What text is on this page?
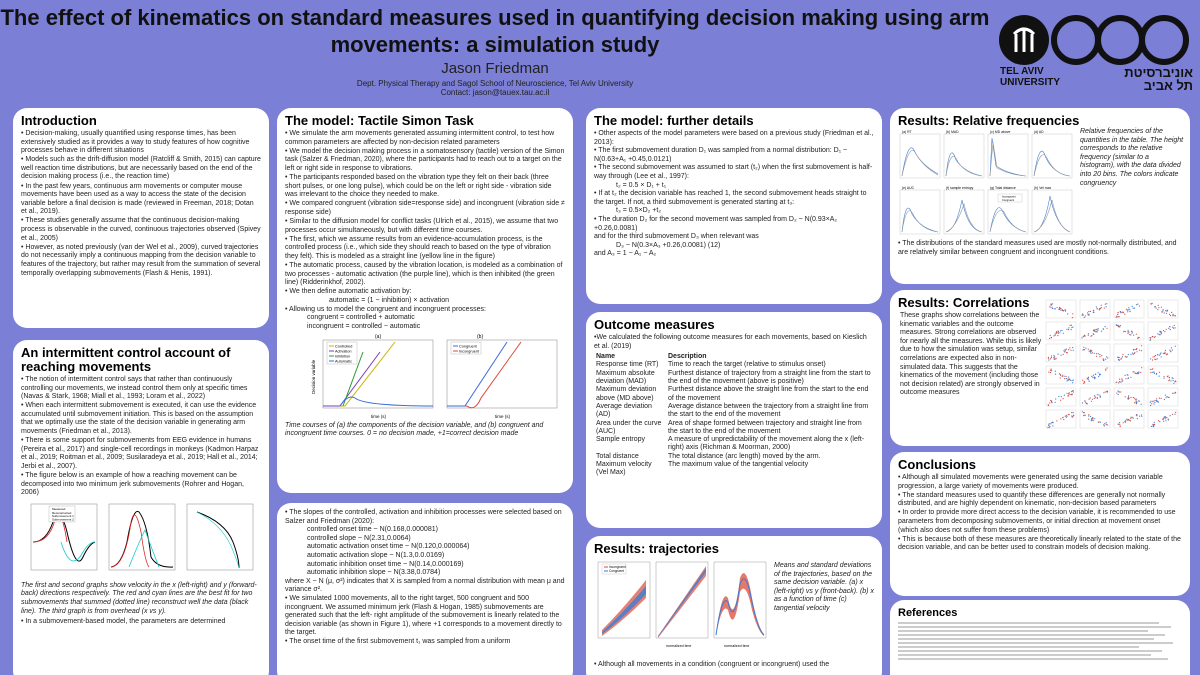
The effect of kinematics on standard measures used in quantifying decision making using arm movements: a simulation study
Jason Friedman
Dept. Physical Therapy and Sagol School of Neuroscience, Tel Aviv University
Contact: jason@tauex.tau.ac.il
TEL AVIV
UNIVERSITY
אוניברסיטת
תל אביב
Introduction
• Decision-making, usually quantified using response times, has been extensively studied as it provides a way to study features of how cognitive processes behave in different situations
• Models such as the drift-diffusion model (Ratcliff & Smith, 2015) can capture well reaction time distributions, but are necessarily based on the end of the decision making process (i.e., the reaction time)
• In the past few years, continuous arm movements or computer mouse movements have been used as a way to access the state of the decision variable before a final decision is made (reviewed in Freeman, 2018; Dotan et al., 2019).
• These studies generally assume that the continuous decision-making process is observable in the curved, continuous trajectories observed (Spivey et al., 2005)
• However, as noted previously (van der Wel et al., 2009), curved trajectories do not necessarily imply a continuous mapping from the decision variable to features of the trajectory, but rather may result from the summation of several temporally overlapping submovements (Flash & Henis, 1991).
An intermittent control account of reaching movements
• The notion of intermittent control says that rather than continuously controlling our movements, we instead control them only at specific times (Navas & Stark, 1968; Miall et al., 1993; Loram et al., 2022)
• When each intermittent submovement is executed, it can use the evidence accumulated until submovement initiation. This is based on the assumption that we optimally use the state of the decision variable in generating arm movements (Friedman et al., 2013).
• There is some support for submovements from EEG evidence in humans (Pereira et al., 2017) and single-cell recordings in monkeys (Kadmon Harpaz et al., 2019; Roitman et al., 2009; Susilaradeya et al., 2019; Hall et al., 2014; Jerbi et al., 2007).
• The figure below is an example of how a reaching movement can be decomposed into two minimum jerk submovements (Rohrer and Hogan, 2006)
Measured
Reconstructed
Submovement 1
Submovement 2

The first and second graphs show velocity in the x (left-right) and y (forward-back) directions respectively. The red and cyan lines are the best fit for two submovements that summed (dotted line) reconstruct well the data (black line). The third graph is from overhead (x vs y).

• In a submovement-based model, the parameters are determined

The model: Tactile Simon Task
• We simulate the arm movements generated assuming intermittent control, to test how common parameters are affected by non-decision related parameters
• We model the decision making process in a somatosensory (tactile) version of the Simon task (Salzer & Friedman, 2020), where the participants had to reach out to a target on the left or right side in response to vibrations.
• The participants responded based on the vibration type they felt on their back (three short pulses, or one long pulse), which could be on the left or right side - vibration side was irrelevant to the choice they needed to make.
• We compared congruent (vibration side=response side) and incongruent (vibration side ≠ response side)
• Similar to the diffusion model for conflict tasks (Ulrich et al., 2015), we assume that two processes occur simultaneously, but with different time courses.
• The first, which we assume results from an evidence-accumulation process, is the controlled process (i.e., which side they should reach to based on the type of vibration they felt). This is modeled as a straight line (yellow line in the figure)
• The automatic process, caused by the vibration location, is modeled as a combination of two processes - automatic activation (the purple line), which is then inhibited (the green line) (Ridderinkhof, 2002).
• We then define automatic activation by:

automatic = (1 − inhibition) × activation

• Allowing us to model the congruent and incongruent processes:

congruent = controlled + automatic

incongruent = controlled − automatic

(a)	(b)
Decision variable
Controlled
Activation
Inhibition
Automatic
time (s)
Congruent
Incongruent
time (s)

Time courses of (a) the components of the decision variable, and (b) congruent and incongruent time courses. 0 = no decision made, +1=correct decision made

• The slopes of the controlled, activation and inhibition processes were selected based on Salzer and Friedman (2020):

controlled onset time ~ N(0.168,0.000081)

controlled slope ~ N(2.31,0.0064)

automatic activation onset time ~ N(0.120,0.000064)

automatic activation slope ~ N(1.3,0.0.0169)

automatic inhibition onset time ~ N(0.14,0.000169)

automatic inhibition slope ~ N(3.38,0.0784)

where X ~ N (μ, σ²) indicates that X is sampled from a normal distribution with mean μ and variance σ².

• We simulated 1000 movements, all to the right target, 500 congruent and 500 incongruent. We assumed minimum jerk (Flash & Hogan, 1985) submovements are generated such that the left- right amplitude of the submovement is linearly related to the decision variable (as shown in Figure 1), where +1 corresponds to a movement directly to the target.

• The onset time of the first submovement t₁ was sampled from a uniform

The model: further details

• Other aspects of the model parameters were based on a previous study (Friedman et al., 2013):

• The first submovement duration D₁ was sampled from a normal distribution: D₁ ~ N(0.63+A₁ +0.45,0.0121)

• The second submovement was assumed to start (t₂) when the first submovement is half-way through (Lee et al., 1997):

t₂ = 0.5 × D₁ + t₁

• If at t₂ the decision variable has reached 1, the second submovement heads straight to the target. If not, a third submovement is generated starting at t₃:

t₃ = 0.5×D₂ +t₂

• The duration D₂ for the second movement was sampled from D₂ ~ N(0.93×A₂ +0.26,0.0081)

and for the third submovement D₃ when relevant was

D₃ ~ N(0.3×A₃ +0.26,0.0081) (12)

and A₃ = 1 − A₁ − A₂

Outcome measures

•We calculated the following outcome measures for each movements, based on Kieslich et al. (2019)

Name	Description
Response time (RT)	Time to reach the target (relative to stimulus onset)
Maximum absolute deviation (MAD)	Furthest distance of trajectory from a straight line from the start to the end of the movement (above is positive)
Maximum deviation above (MD above)	Furthest distance above the straight line from the start to the end of the movement
Average deviation (AD)	Average distance between the trajectory from a straight line from the start to the end of the movement
Area under the curve (AUC)	Area of shape formed between trajectory and straight line from the start to the end of the movement
Sample entropy	A measure of unpredictability of the movement along the x (left-right) axis (Richman & Moorman, 2000)
Total distance	The total distance (arc length) moved by the arm.
Maximum velocity (Vel Max)	The maximum value of the tangential velocity
Results: trajectories
Incongruent
Congruent
normalized time	normalized time

Means and standard deviations of the trajectories, based on the same decision variable. (a) x (left-right) vs y (front-back). (b) x as a function of time (c) tangential velocity

• Although all movements in a condition (congruent or incongruent) used the

Results: Relative frequencies
(a) RT	(b) MAD	(c) MD above	(d) AD
(e) AUC	(f) sample entropy	(g) Total distance
Incongruent
Congruent
(h) Vel max

Relative frequencies of the quantities in the table. The height corresponds to the relative frequency (similar to a histogram), with the data divided into 20 bins. The colors indicate congruency

• The distributions of the standard measures used are mostly not-normally distributed, and are relatively similar between congruent and incongruent conditions.

Results: Correlations

These graphs show correlations between the kinematic variables and the outcome measures. Strong correlations are observed for nearly all the measures. While this is likely due to how the simulation was setup, similar correlations are expected also in non-simulated data. This suggests that the kinematics of the movement (including those not decision related) are strongly observed in outcome measures

Conclusions
• Although all simulated movements were generated using the same decision variable progression, a large variety of movements were produced.
• The standard measures used to quantify these differences are generally not normally distributed, and are highly dependent on kinematic, non-decision based parameters
• In order to provide more direct access to the decision variable, it is recommended to use parameters from decomposing submovements, or initial direction at movement onset (which also does not suffer from these problems)
• This is because both of these measures are theoretically linearly related to the state of the decision variable, and can be better used to constrain models of decision making.
References
